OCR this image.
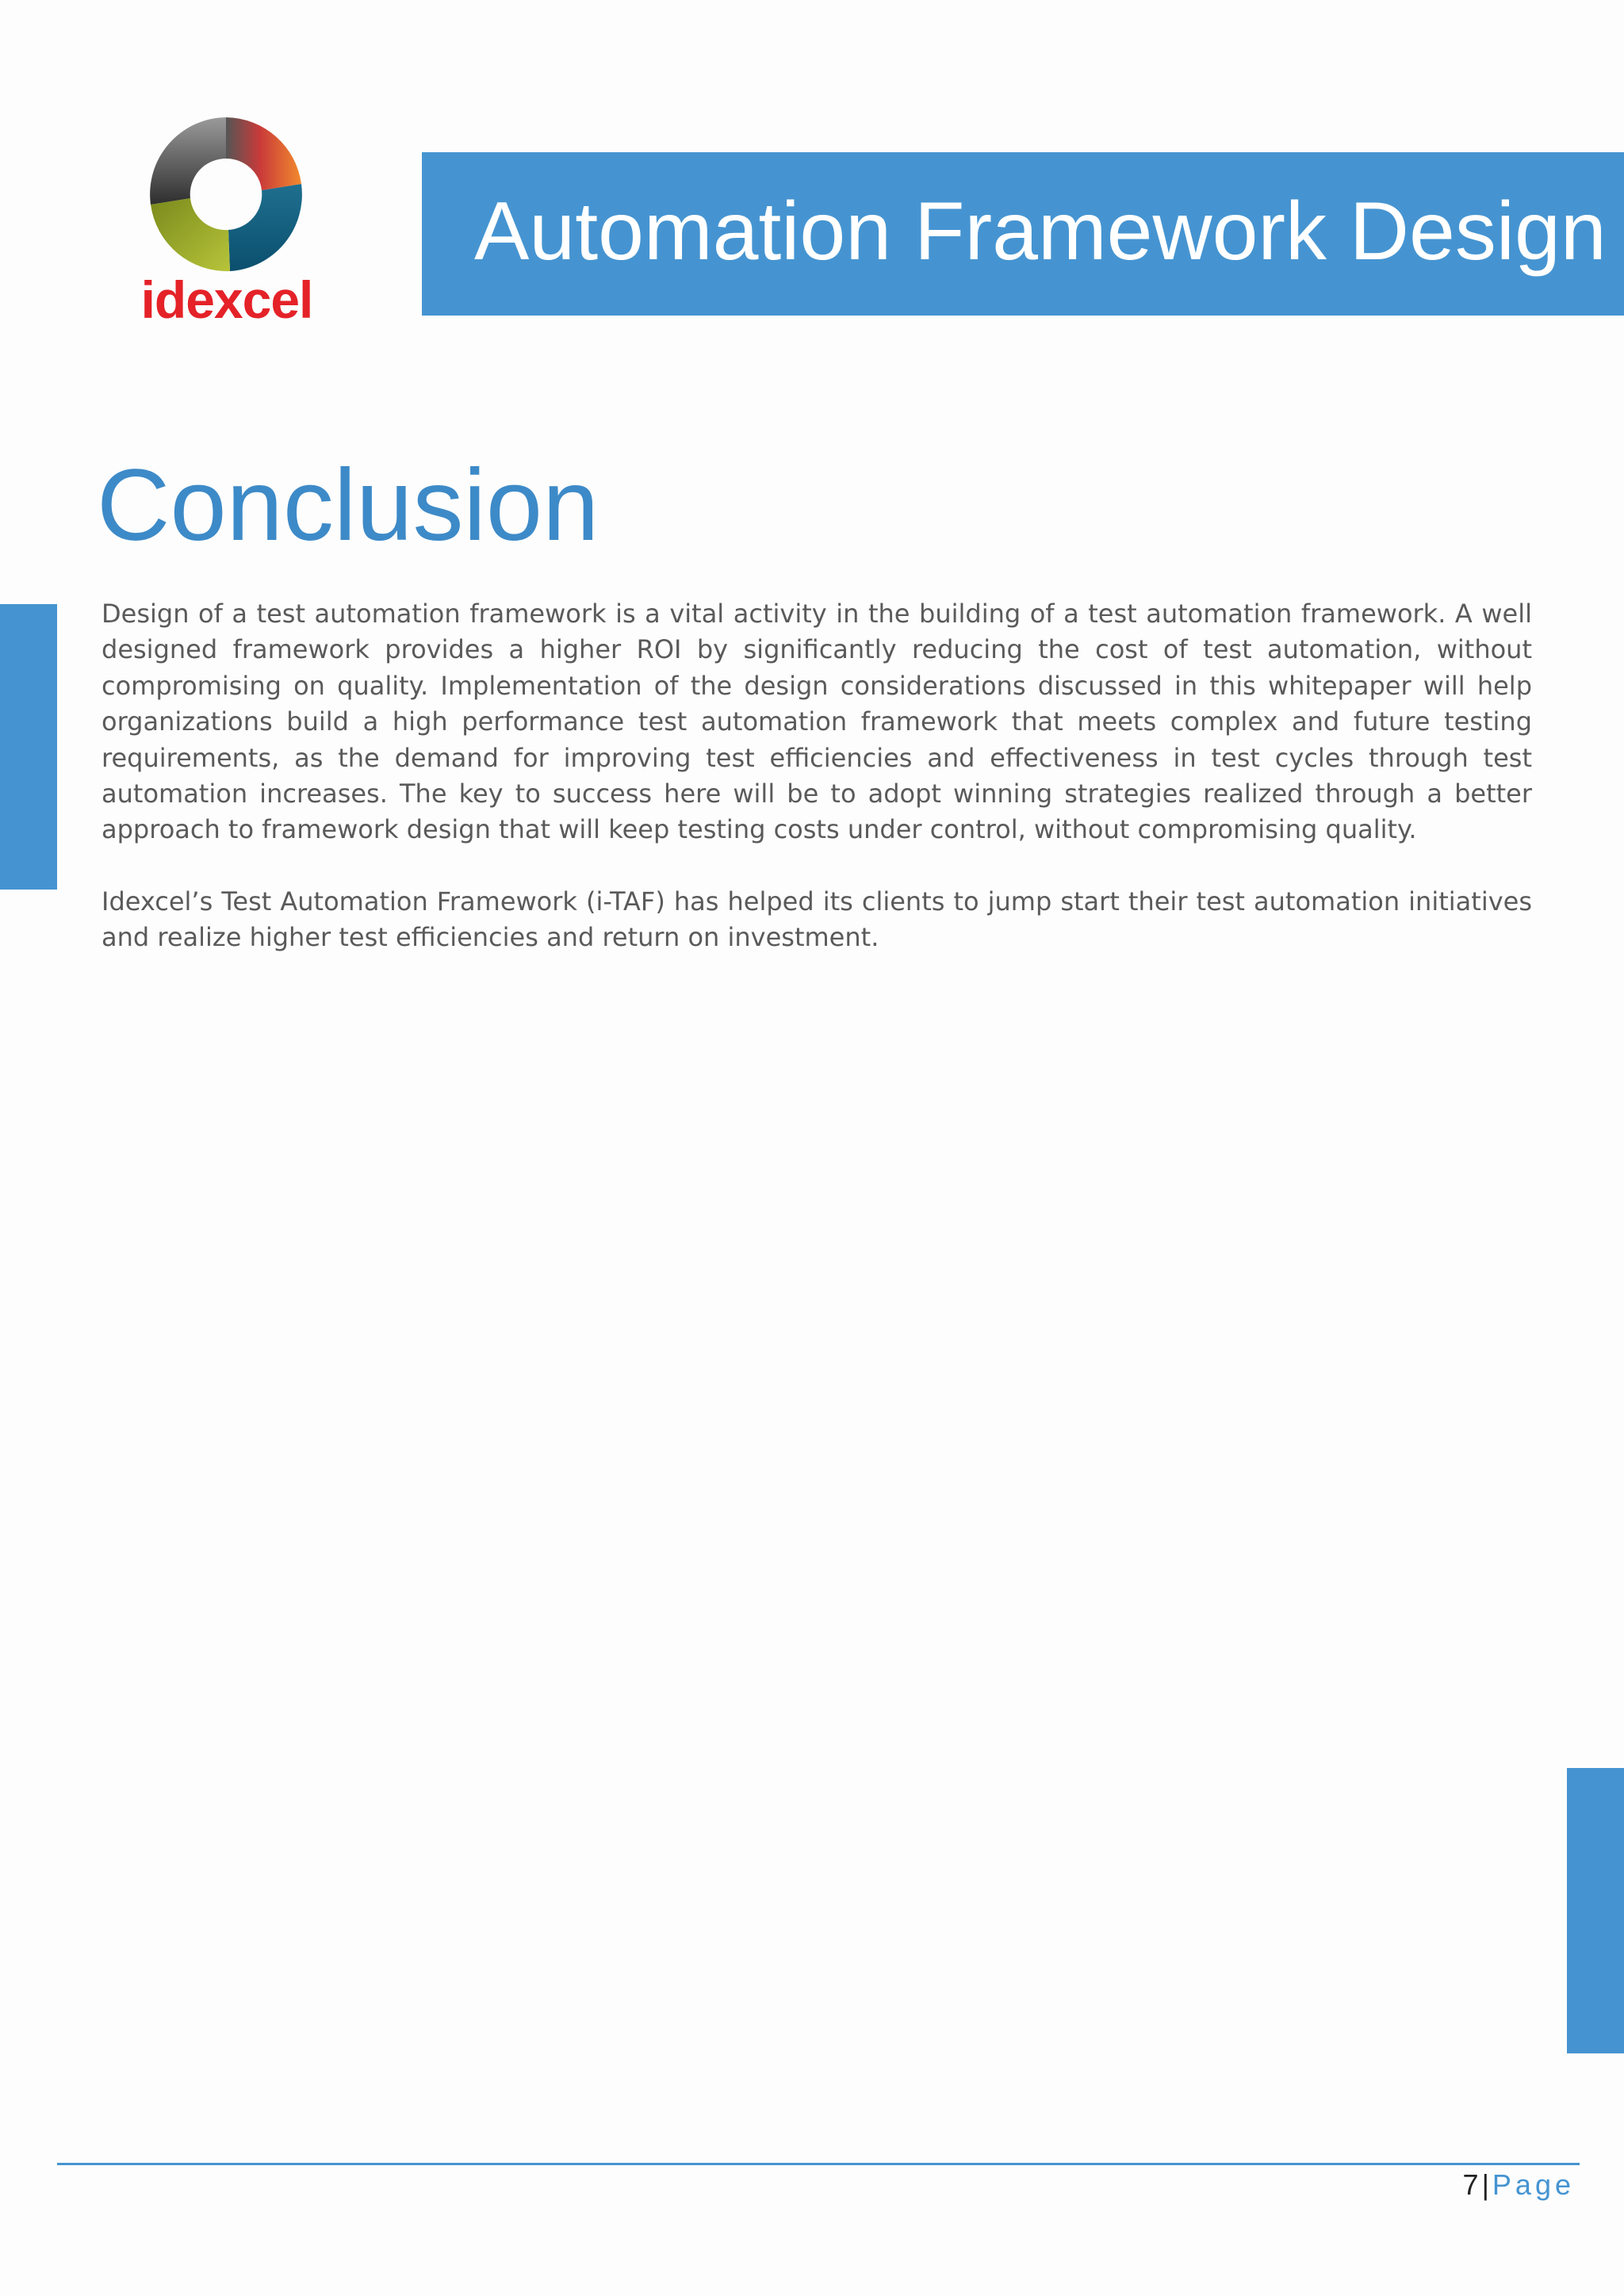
idexcel
Automation Framework Design
Conclusion

Design of a test automation framework is a vital activity in the building of a test automation framework. A well designed framework provides a higher ROI by significantly reducing the cost of test automation, without compromising on quality. Implementation of the design considerations discussed in this whitepaper will help organizations build a high performance test automation framework that meets complex and future testing requirements, as the demand for improving test efficiencies and effectiveness in test cycles through test automation increases. The key to success here will be to adopt winning strategies realized through a better approach to framework design that will keep testing costs under control, without compromising quality.

Idexcel’s Test Automation Framework (i-TAF) has helped its clients to jump start their test automation initiatives and realize higher test efficiencies and return on investment.

7 | Page
